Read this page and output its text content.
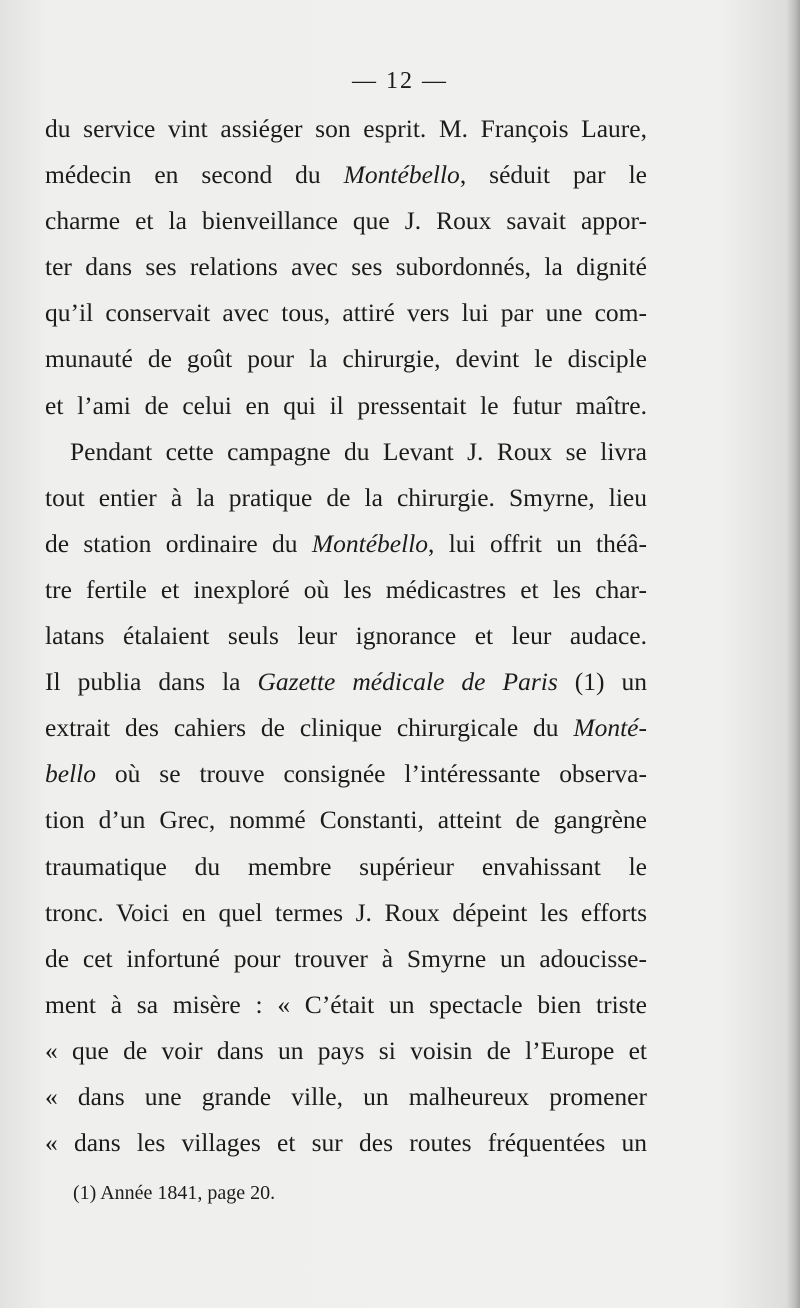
— 12 —
du service vint assiéger son esprit. M. François Laure,
médecin en second du Montébello, séduit par le
charme et la bienveillance que J. Roux savait appor-
ter dans ses relations avec ses subordonnés, la dignité
qu’il conservait avec tous, attiré vers lui par une com-
munauté de goût pour la chirurgie, devint le disciple
et l’ami de celui en qui il pressentait le futur maître.
Pendant cette campagne du Levant J. Roux se livra
tout entier à la pratique de la chirurgie. Smyrne, lieu
de station ordinaire du Montébello, lui offrit un théâ-
tre fertile et inexploré où les médicastres et les char-
latans étalaient seuls leur ignorance et leur audace.
Il publia dans la Gazette médicale de Paris (1) un
extrait des cahiers de clinique chirurgicale du Monté-
bello où se trouve consignée l’intéressante observa-
tion d’un Grec, nommé Constanti, atteint de gangrène
traumatique du membre supérieur envahissant le
tronc. Voici en quel termes J. Roux dépeint les efforts
de cet infortuné pour trouver à Smyrne un adoucisse-
ment à sa misère : « C’était un spectacle bien triste
« que de voir dans un pays si voisin de l’Europe et
« dans une grande ville, un malheureux promener
« dans les villages et sur des routes fréquentées un
(1) Année 1841, page 20.
